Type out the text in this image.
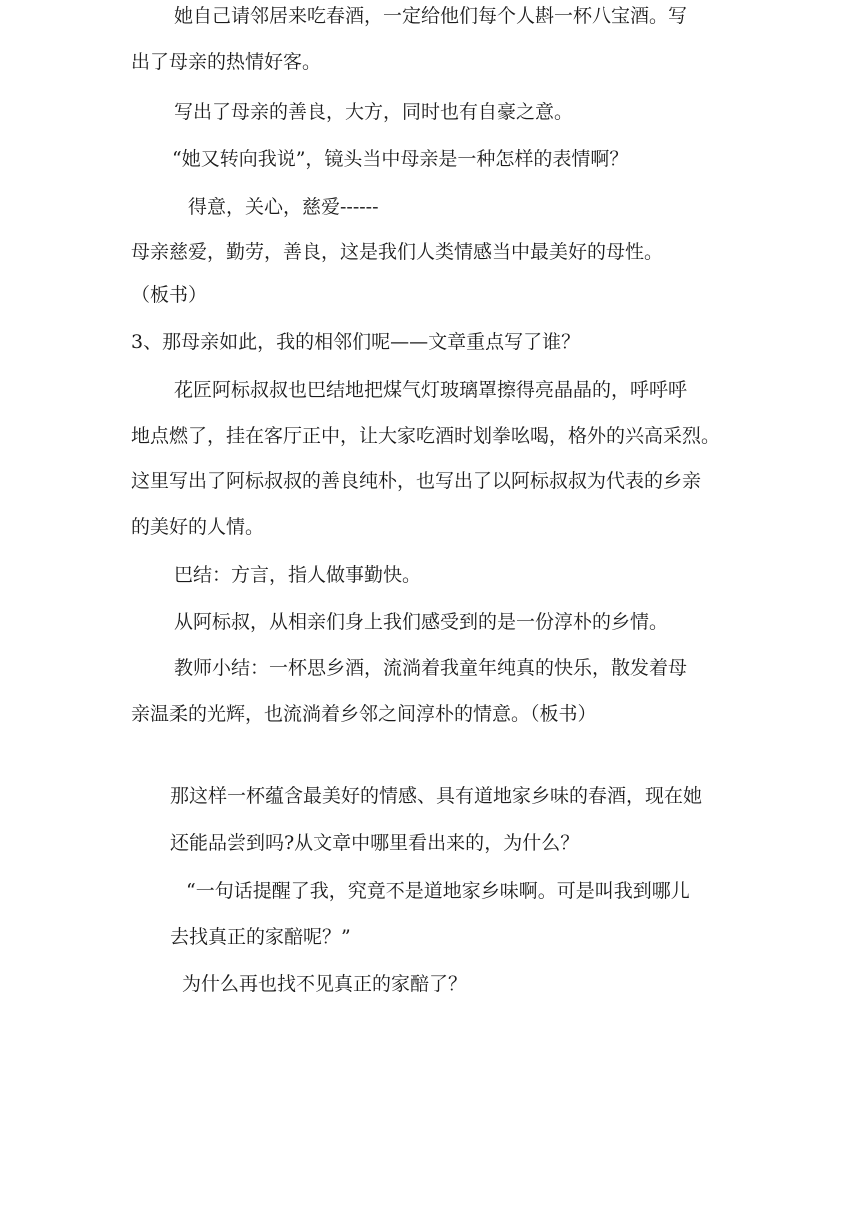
她自己请邻居来吃春酒，一定给他们每个人斟一杯八宝酒。写

出了母亲的热情好客。

写出了母亲的善良，大方，同时也有自豪之意。

“她又转向我说”，镜头当中母亲是一种怎样的表情啊？

得意，关心，慈爱------

母亲慈爱，勤劳，善良，这是我们人类情感当中最美好的母性。

（板书）

3、那母亲如此，我的相邻们呢——文章重点写了谁？

花匠阿标叔叔也巴结地把煤气灯玻璃罩擦得亮晶晶的，呼呼呼

地点燃了，挂在客厅正中，让大家吃酒时划拳吆喝，格外的兴高采烈。

这里写出了阿标叔叔的善良纯朴，也写出了以阿标叔叔为代表的乡亲

的美好的人情。

巴结：方言，指人做事勤快。

从阿标叔，从相亲们身上我们感受到的是一份淳朴的乡情。

教师小结：一杯思乡酒，流淌着我童年纯真的快乐，散发着母

亲温柔的光辉，也流淌着乡邻之间淳朴的情意。（板书）

那这样一杯蕴含最美好的情感、具有道地家乡味的春酒，现在她

还能品尝到吗?从文章中哪里看出来的，为什么？

“一句话提醒了我，究竟不是道地家乡味啊。可是叫我到哪儿

去找真正的家醅呢？”

为什么再也找不见真正的家醅了？
